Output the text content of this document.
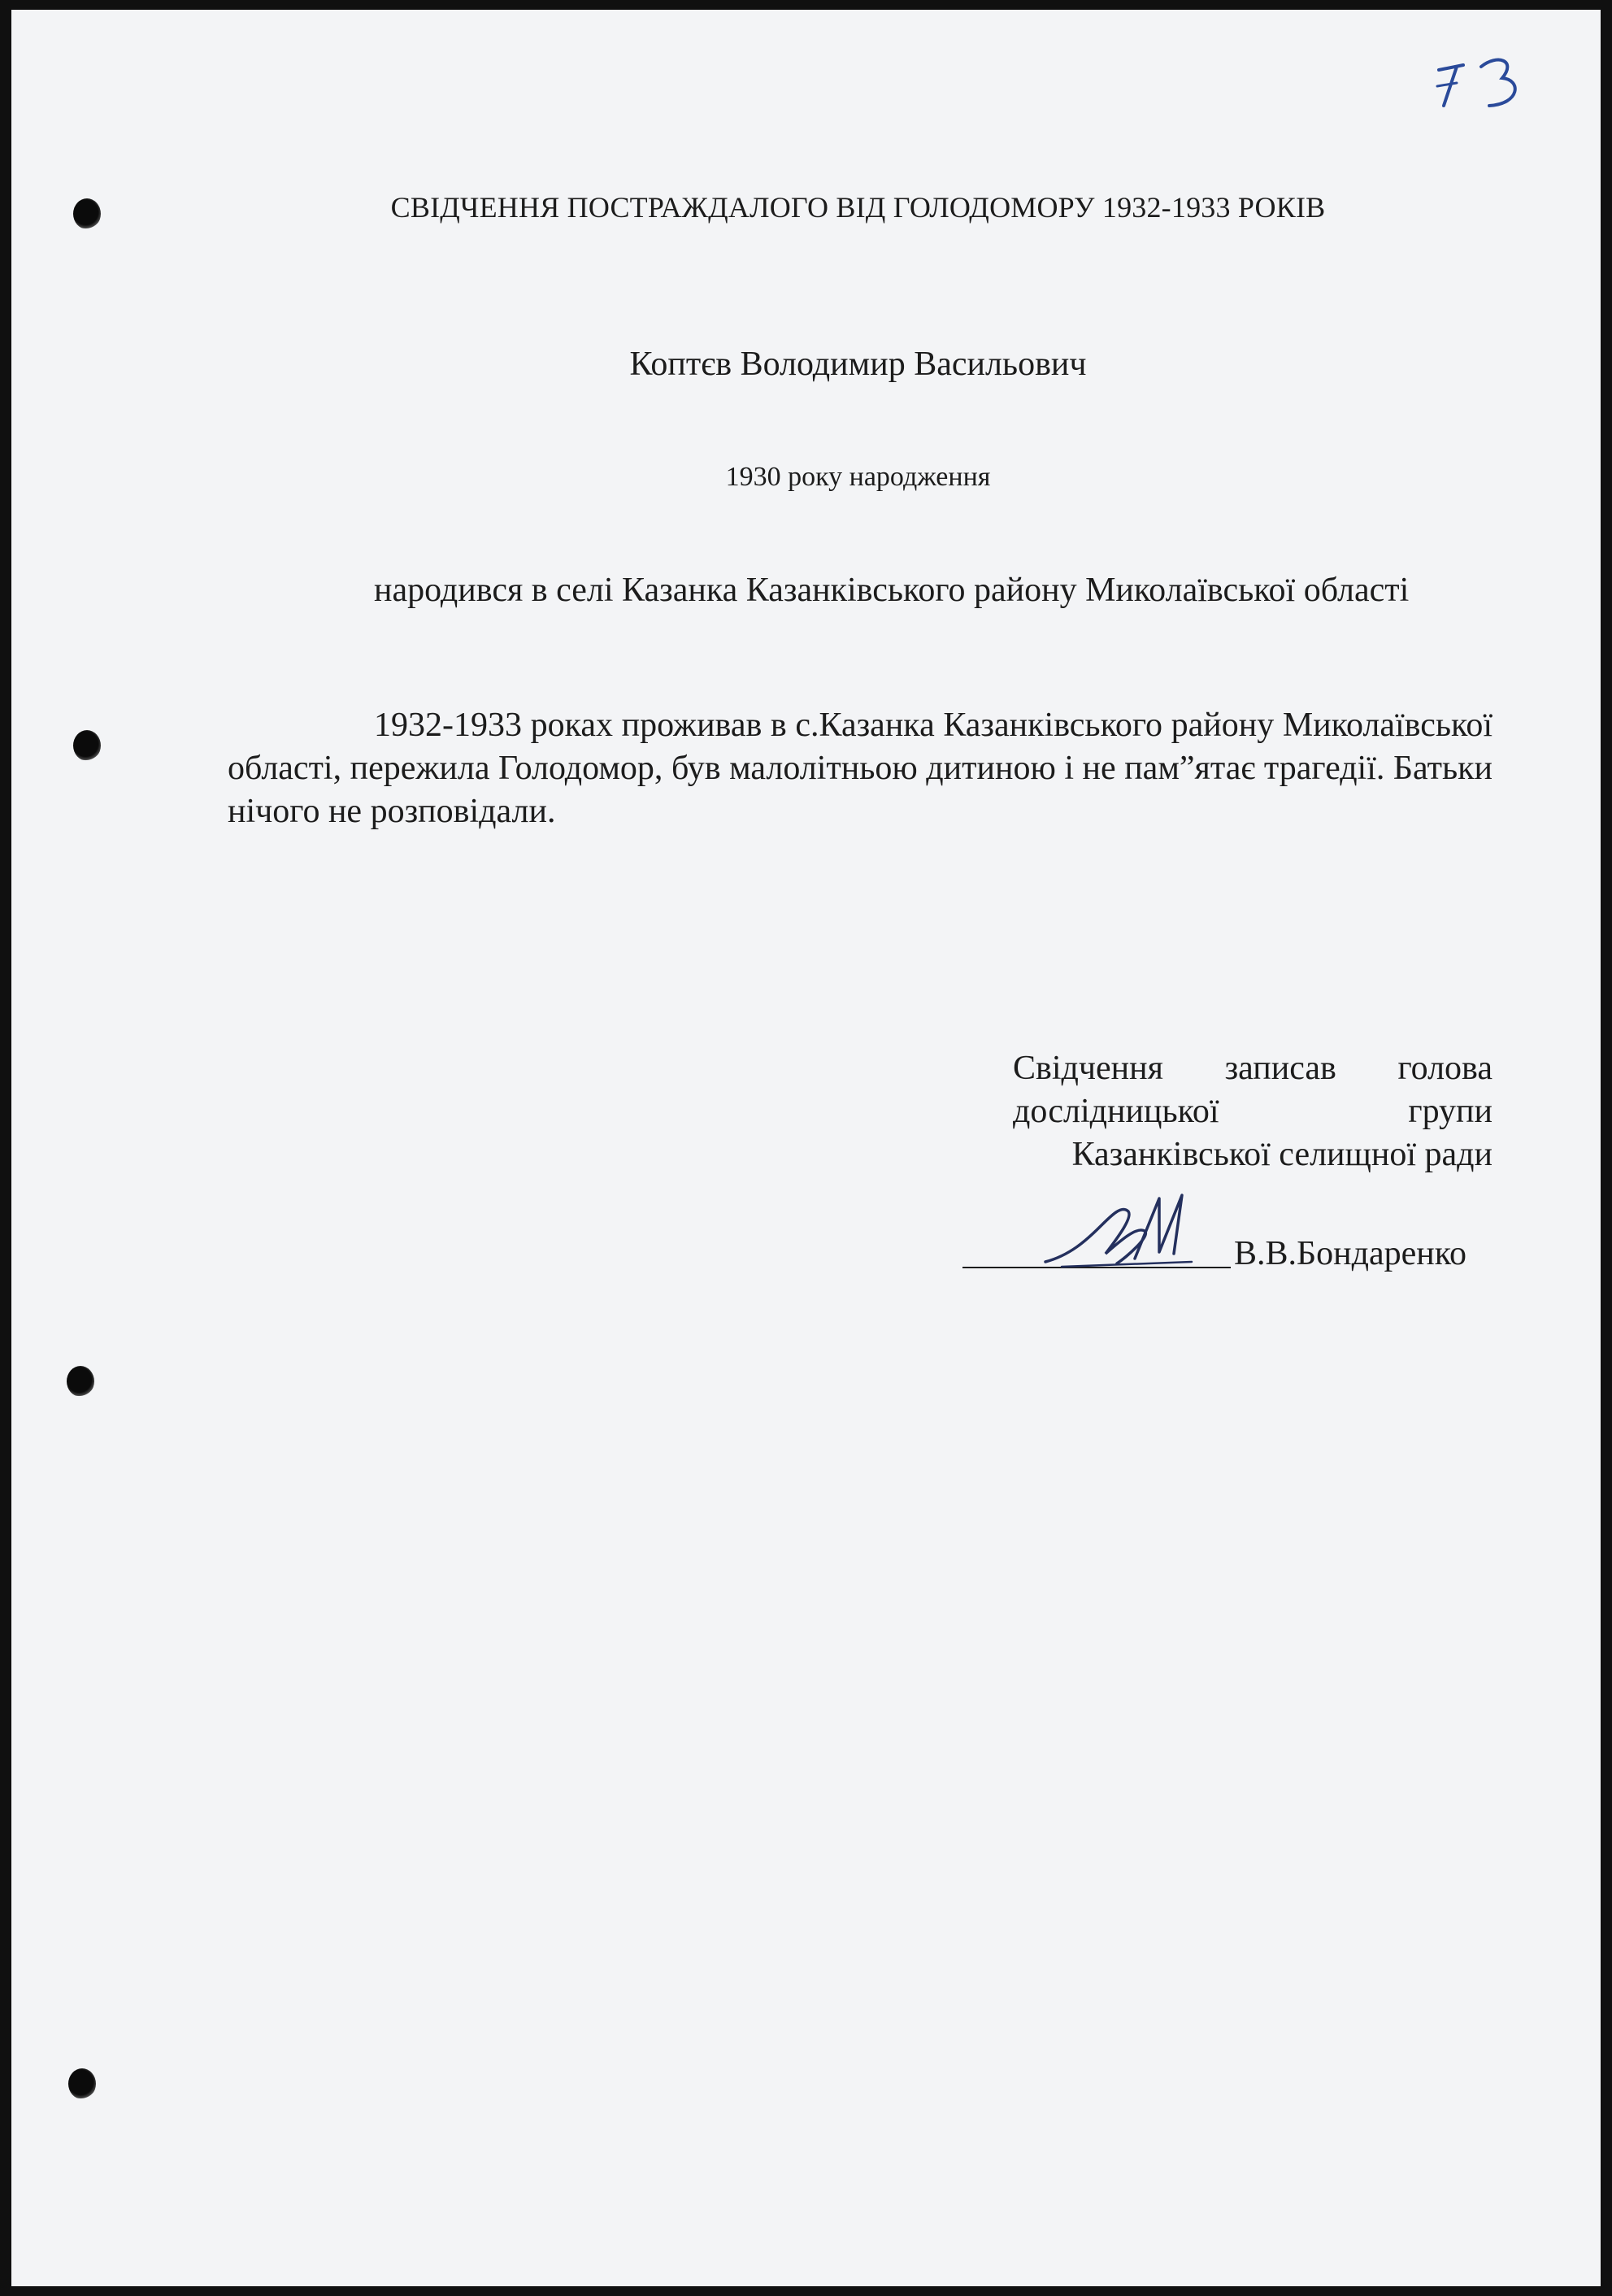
СВІДЧЕННЯ ПОСТРАЖДАЛОГО ВІД ГОЛОДОМОРУ 1932-1933 РОКІВ
Коптєв Володимир Васильович
1930 року народження
народився в селі Казанка Казанківського району Миколаївської області
1932-1933 роках проживав в с.Казанка Казанківського району Миколаївської області, пережила Голодомор, був малолітньою дитиною і не пам”ятає трагедії. Батьки нічого не розповідали.
Свідчення записав голова
дослідницької	групи
Казанківської селищної ради
В.В.Бондаренко
